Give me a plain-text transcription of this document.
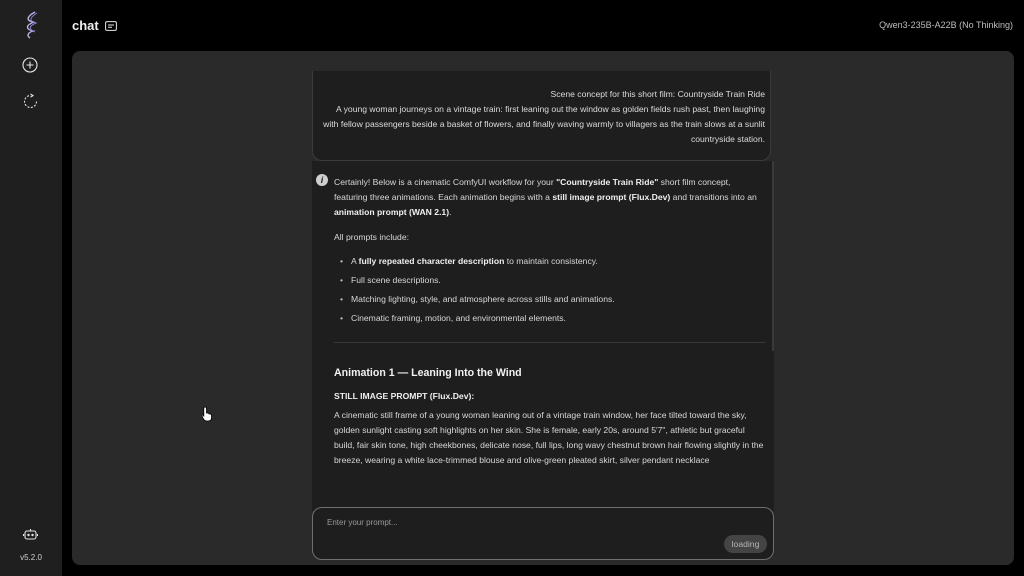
v5.2.0
chat	Qwen3-235B-A22B (No Thinking)
Scene concept for this short film: Countryside Train Ride
A young woman journeys on a vintage train: first leaning out the window as golden fields rush past, then laughing with fellow passengers beside a basket of flowers, and finally waving warmly to villagers as the train slows at a sunlit countryside station.
i	Certainly! Below is a cinematic ComfyUI workflow for your "Countryside Train Ride" short film concept, featuring three animations. Each animation begins with a still image prompt (Flux.Dev) and transitions into an animation prompt (WAN 2.1).

All prompts include:

• A fully repeated character description to maintain consistency.
• Full scene descriptions.
• Matching lighting, style, and atmosphere across stills and animations.
• Cinematic framing, motion, and environmental elements.
Animation 1 — Leaning Into the Wind
STILL IMAGE PROMPT (Flux.Dev):
A cinematic still frame of a young woman leaning out of a vintage train window, her face tilted toward the sky, golden sunlight casting soft highlights on her skin. She is female, early 20s, around 5'7", athletic but graceful build, fair skin tone, high cheekbones, delicate nose, full lips, long wavy chestnut brown hair flowing slightly in the breeze, wearing a white lace-trimmed blouse and olive-green pleated skirt, silver pendant necklace
Enter your prompt...
loading
